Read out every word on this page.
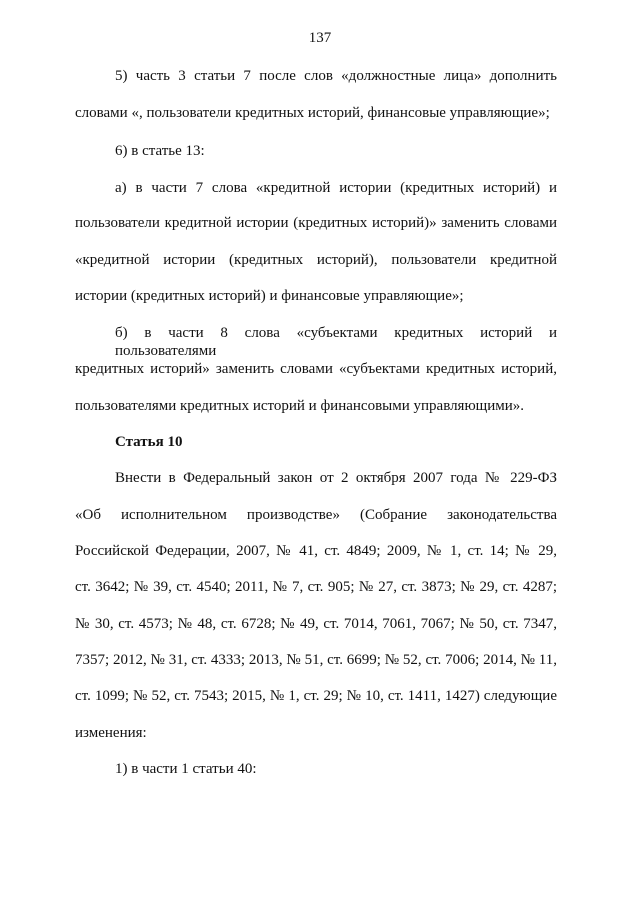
137
5) часть 3 статьи 7 после слов «должностные лица» дополнить
словами «, пользователи кредитных историй, финансовые управляющие»;
6) в статье 13:
а) в части 7 слова «кредитной истории (кредитных историй) и
пользователи кредитной истории (кредитных историй)» заменить словами
«кредитной истории (кредитных историй), пользователи кредитной
истории (кредитных историй) и финансовые управляющие»;
б) в части 8 слова «субъектами кредитных историй и пользователями
кредитных историй» заменить словами «субъектами кредитных историй,
пользователями кредитных историй и финансовыми управляющими».
Статья 10
Внести в Федеральный закон от 2 октября 2007 года № 229-ФЗ
«Об исполнительном производстве» (Собрание законодательства
Российской Федерации, 2007, № 41, ст. 4849; 2009, № 1, ст. 14; № 29,
ст. 3642; № 39, ст. 4540; 2011, № 7, ст. 905; № 27, ст. 3873; № 29, ст. 4287;
№ 30, ст. 4573; № 48, ст. 6728; № 49, ст. 7014, 7061, 7067; № 50, ст. 7347,
7357; 2012, № 31, ст. 4333; 2013, № 51, ст. 6699; № 52, ст. 7006; 2014, № 11,
ст. 1099; № 52, ст. 7543; 2015, № 1, ст. 29; № 10, ст. 1411, 1427) следующие
изменения:
1) в части 1 статьи 40:
